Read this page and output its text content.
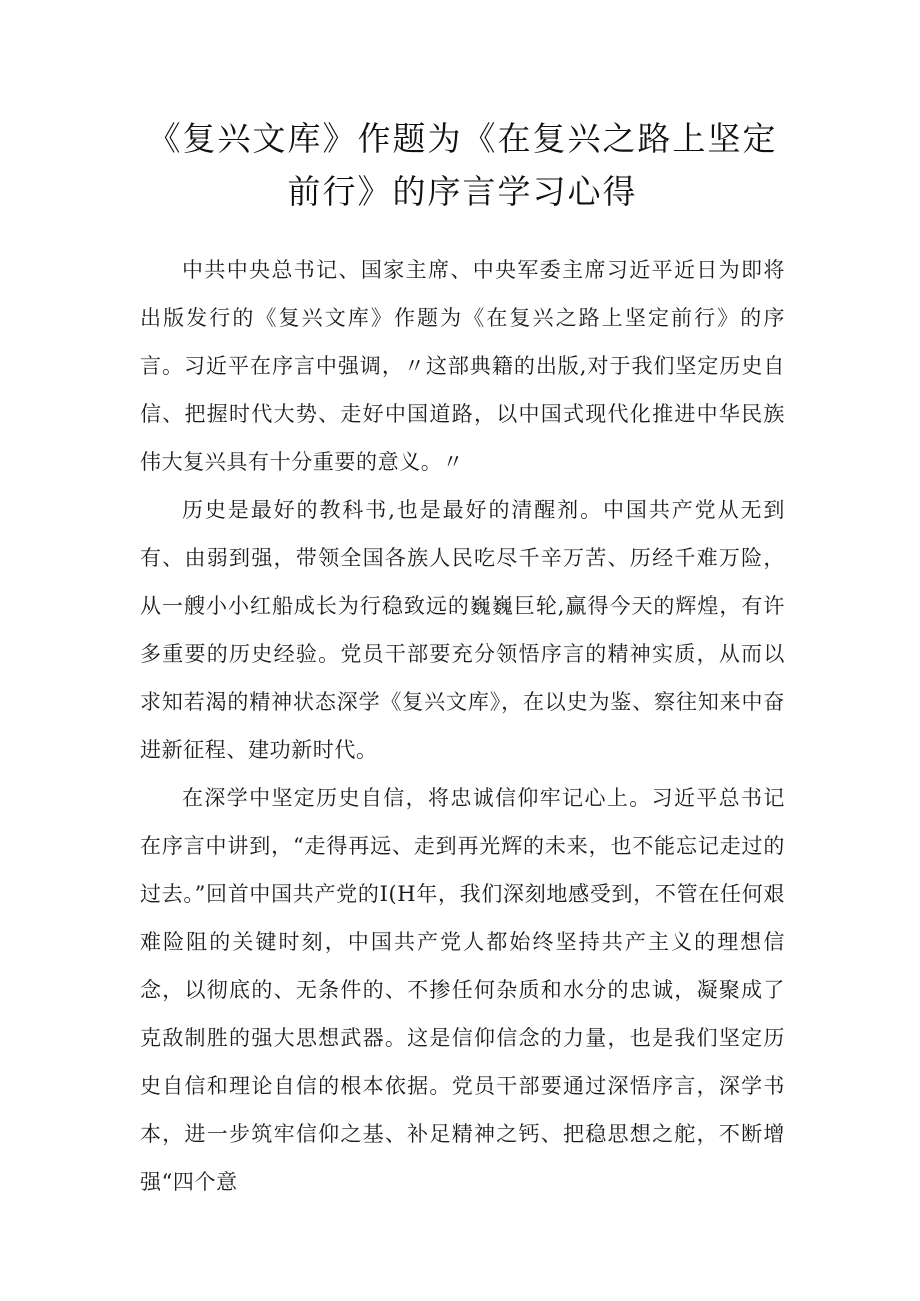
《复兴文库》作题为《在复兴之路上坚定前行》的序言学习心得

中共中央总书记、国家主席、中央军委主席习近平近日为即将出版发行的《复兴文库》作题为《在复兴之路上坚定前行》的序言。习近平在序言中强调，〃这部典籍的出版,对于我们坚定历史自信、把握时代大势、走好中国道路，以中国式现代化推进中华民族伟大复兴具有十分重要的意义。〃

历史是最好的教科书,也是最好的清醒剂。中国共产党从无到有、由弱到强，带领全国各族人民吃尽千辛万苦、历经千难万险，从一艘小小红船成长为行稳致远的巍巍巨轮,赢得今天的辉煌，有许多重要的历史经验。党员干部要充分领悟序言的精神实质，从而以求知若渴的精神状态深学《复兴文库》，在以史为鉴、察往知来中奋进新征程、建功新时代。

在深学中坚定历史自信，将忠诚信仰牢记心上。习近平总书记在序言中讲到，“走得再远、走到再光辉的未来，也不能忘记走过的过去。”回首中国共产党的I(H年，我们深刻地感受到，不管在任何艰难险阻的关键时刻，中国共产党人都始终坚持共产主义的理想信念，以彻底的、无条件的、不掺任何杂质和水分的忠诚，凝聚成了克敌制胜的强大思想武器。这是信仰信念的力量，也是我们坚定历史自信和理论自信的根本依据。党员干部要通过深悟序言，深学书本，进一步筑牢信仰之基、补足精神之钙、把稳思想之舵，不断增强“四个意
